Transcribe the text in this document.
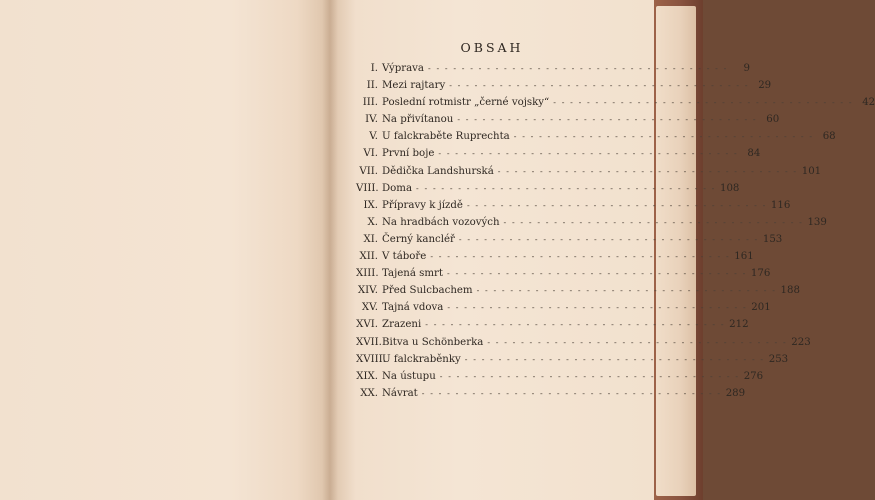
OBSAH
I. Výprava - - - - - - - - - - - - - - - - - - - - - - - - - - - - - - - - - - - -	9
II. Mezi rajtary - - - - - - - - - - - - - - - - - - - - - - - - - - - - - - - - - - - - 29
III. Poslední rotmistr „černé vojsky“ - - - - - - - - - - - - - - - - - - - - - - - - - - - - - - - - - - - - 42
IV. Na přivítanou - - - - - - - - - - - - - - - - - - - - - - - - - - - - - - - - - - - - 60
V. U falckraběte Ruprechta - - - - - - - - - - - - - - - - - - - - - - - - - - - - - - - - - - - - 68
VI. První boje - - - - - - - - - - - - - - - - - - - - - - - - - - - - - - - - - - - - 84
VII. Dědička Landshurská - - - - - - - - - - - - - - - - - - - - - - - - - - - - - - - - - - - - 101
VIII. Doma - - - - - - - - - - - - - - - - - - - - - - - - - - - - - - - - - - - - 108
IX. Přípravy k jízdě - - - - - - - - - - - - - - - - - - - - - - - - - - - - - - - - - - - - 116
X. Na hradbách vozových - - - - - - - - - - - - - - - - - - - - - - - - - - - - - - - - - - - - 139
XI. Černý kancléř - - - - - - - - - - - - - - - - - - - - - - - - - - - - - - - - - - - - 153
XII. V táboře - - - - - - - - - - - - - - - - - - - - - - - - - - - - - - - - - - - - 161
XIII. Tajená smrt - - - - - - - - - - - - - - - - - - - - - - - - - - - - - - - - - - - - 176
XIV. Před Sulcbachem - - - - - - - - - - - - - - - - - - - - - - - - - - - - - - - - - - - - 188
XV. Tajná vdova - - - - - - - - - - - - - - - - - - - - - - - - - - - - - - - - - - - - 201
XVI. Zrazeni - - - - - - - - - - - - - - - - - - - - - - - - - - - - - - - - - - - - 212
XVII. Bitva u Schönberka - - - - - - - - - - - - - - - - - - - - - - - - - - - - - - - - - - - - 223
XVIII.
U falckraběnky - - - - - - - - - - - - - - - - - - - - - - - - - - - - - - - - - - - - 253
XIX. Na ústupu - - - - - - - - - - - - - - - - - - - - - - - - - - - - - - - - - - - - 276
XX. Návrat - - - - - - - - - - - - - - - - - - - - - - - - - - - - - - - - - - - - 289
